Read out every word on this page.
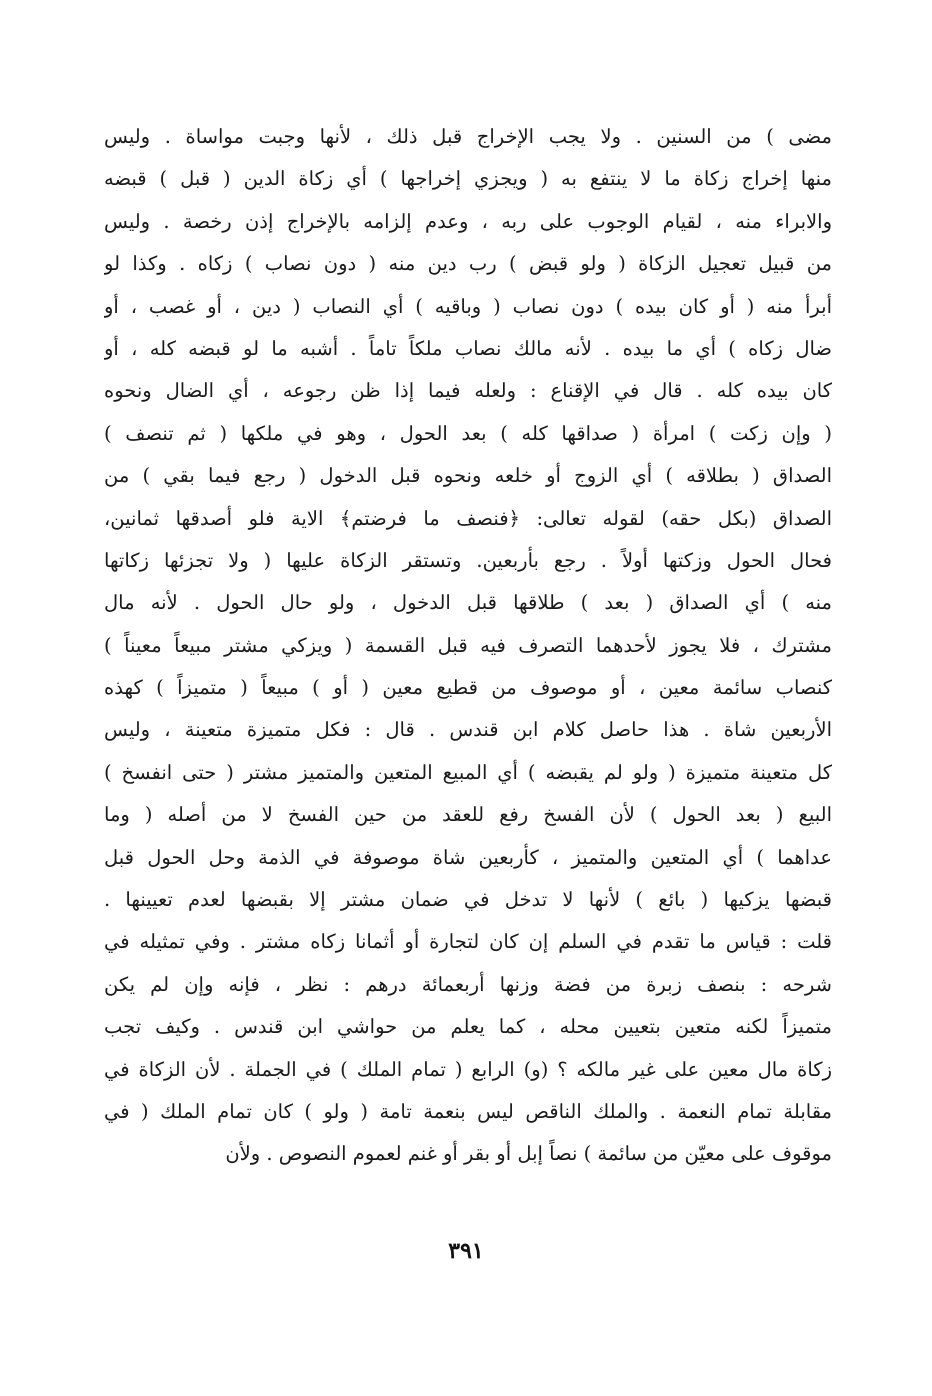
مضى ) من السنين . ولا يجب الإخراج قبل ذلك ، لأنها وجبت مواساة . وليس
منها إخراج زكاة ما لا ينتفع به ( ويجزي إخراجها ) أي زكاة الدين ( قبل ) قبضه
والابراء منه ، لقيام الوجوب على ربه ، وعدم إلزامه بالإخراج إذن رخصة . وليس
من قبيل تعجيل الزكاة ( ولو قبض ) رب دين منه ( دون نصاب ) زكاه . وكذا لو
أبرأ منه ( أو كان بيده ) دون نصاب ( وباقيه ) أي النصاب ( دين ، أو غصب ، أو
ضال زكاه ) أي ما بيده . لأنه مالك نصاب ملكاً تاماً . أشبه ما لو قبضه كله ، أو
كان بيده كله . قال في الإقناع : ولعله فيما إذا ظن رجوعه ، أي الضال ونحوه
( وإن زكت ) امرأة ( صداقها كله ) بعد الحول ، وهو في ملكها ( ثم تنصف )
الصداق ( بطلاقه ) أي الزوج أو خلعه ونحوه قبل الدخول ( رجع فيما بقي ) من
الصداق (بكل حقه) لقوله تعالى: ﴿فنصف ما فرضتم﴾ الاية فلو أصدقها ثمانين،
فحال الحول وزكتها أولاً . رجع بأربعين. وتستقر الزكاة عليها ( ولا تجزئها زكاتها
منه ) أي الصداق ( بعد ) طلاقها قبل الدخول ، ولو حال الحول . لأنه مال
مشترك ، فلا يجوز لأحدهما التصرف فيه قبل القسمة ( ويزكي مشتر مبيعاً معيناً )
كنصاب سائمة معين ، أو موصوف من قطيع معين ( أو ) مبيعاً ( متميزاً ) كهذه
الأربعين شاة . هذا حاصل كلام ابن قندس . قال : فكل متميزة متعينة ، وليس
كل متعينة متميزة ( ولو لم يقبضه ) أي المبيع المتعين والمتميز مشتر ( حتى انفسخ )
البيع ( بعد الحول ) لأن الفسخ رفع للعقد من حين الفسخ لا من أصله ( وما
عداهما ) أي المتعين والمتميز ، كأربعين شاة موصوفة في الذمة وحل الحول قبل
قبضها يزكيها ( بائع ) لأنها لا تدخل في ضمان مشتر إلا بقبضها لعدم تعيينها .
قلت : قياس ما تقدم في السلم إن كان لتجارة أو أثمانا زكاه مشتر . وفي تمثيله في
شرحه : بنصف زبرة من فضة وزنها أربعمائة درهم : نظر ، فإنه وإن لم يكن
متميزاً لكنه متعين بتعيين محله ، كما يعلم من حواشي ابن قندس . وكيف تجب
زكاة مال معين على غير مالكه ؟ (و) الرابع ( تمام الملك ) في الجملة . لأن الزكاة في
مقابلة تمام النعمة . والملك الناقص ليس بنعمة تامة ( ولو ) كان تمام الملك ( في
موقوف على معيّن من سائمة ) نصاً إبل أو بقر أو غنم لعموم النصوص . ولأن
٣٩١
